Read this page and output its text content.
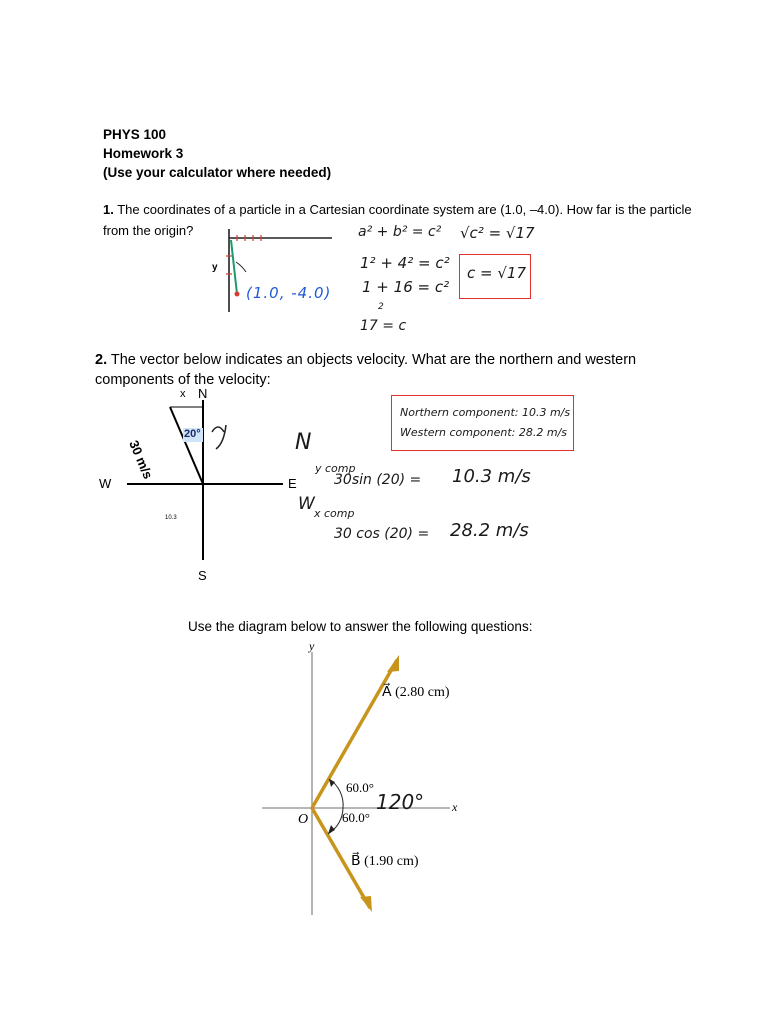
PHYS 100
Homework 3
(Use your calculator where needed)
1. The coordinates of a particle in a Cartesian coordinate system are (1.0, –4.0). How far is the particle
from the origin?
y
(1.0, -4.0)
a² + b² = c² √c² = √17
1² + 4² = c²
1 + 16 = c²
2
17 = c
c = √17
2. The vector below indicates an objects velocity. What are the northern and western
components of the velocity:
x N
S
W	E
30 m/s
20°
10.3
Northern component: 10.3 m/s
Western component: 28.2 m/s
N
W
y comp
30sin (20) = 10.3 m/s
x comp
30 cos (20) = 28.2 m/s
Use the diagram below to answer the following questions:
y
x
O
A⃗ (2.80 cm)
B⃗ (1.90 cm)
60.0°
60.0°
120°
